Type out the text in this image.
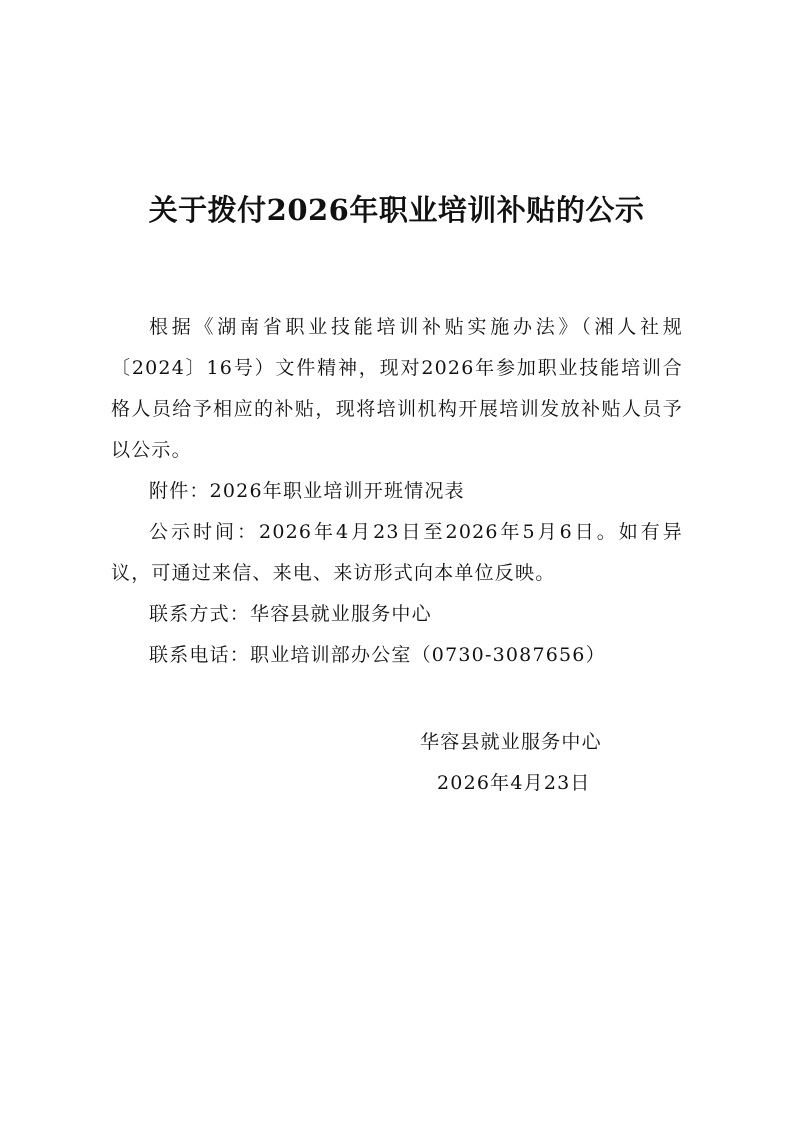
关于拨付2026年职业培训补贴的公示

根据《湖南省职业技能培训补贴实施办法》（湘人社规〔2024〕16号）文件精神，现对2026年参加职业技能培训合格人员给予相应的补贴，现将培训机构开展培训发放补贴人员予以公示。

附件：2026年职业培训开班情况表

公示时间：2026年4月23日至2026年5月6日。如有异议，可通过来信、来电、来访形式向本单位反映。

联系方式：华容县就业服务中心

联系电话：职业培训部办公室（0730-3087656）

华容县就业服务中心
2026年4月23日
